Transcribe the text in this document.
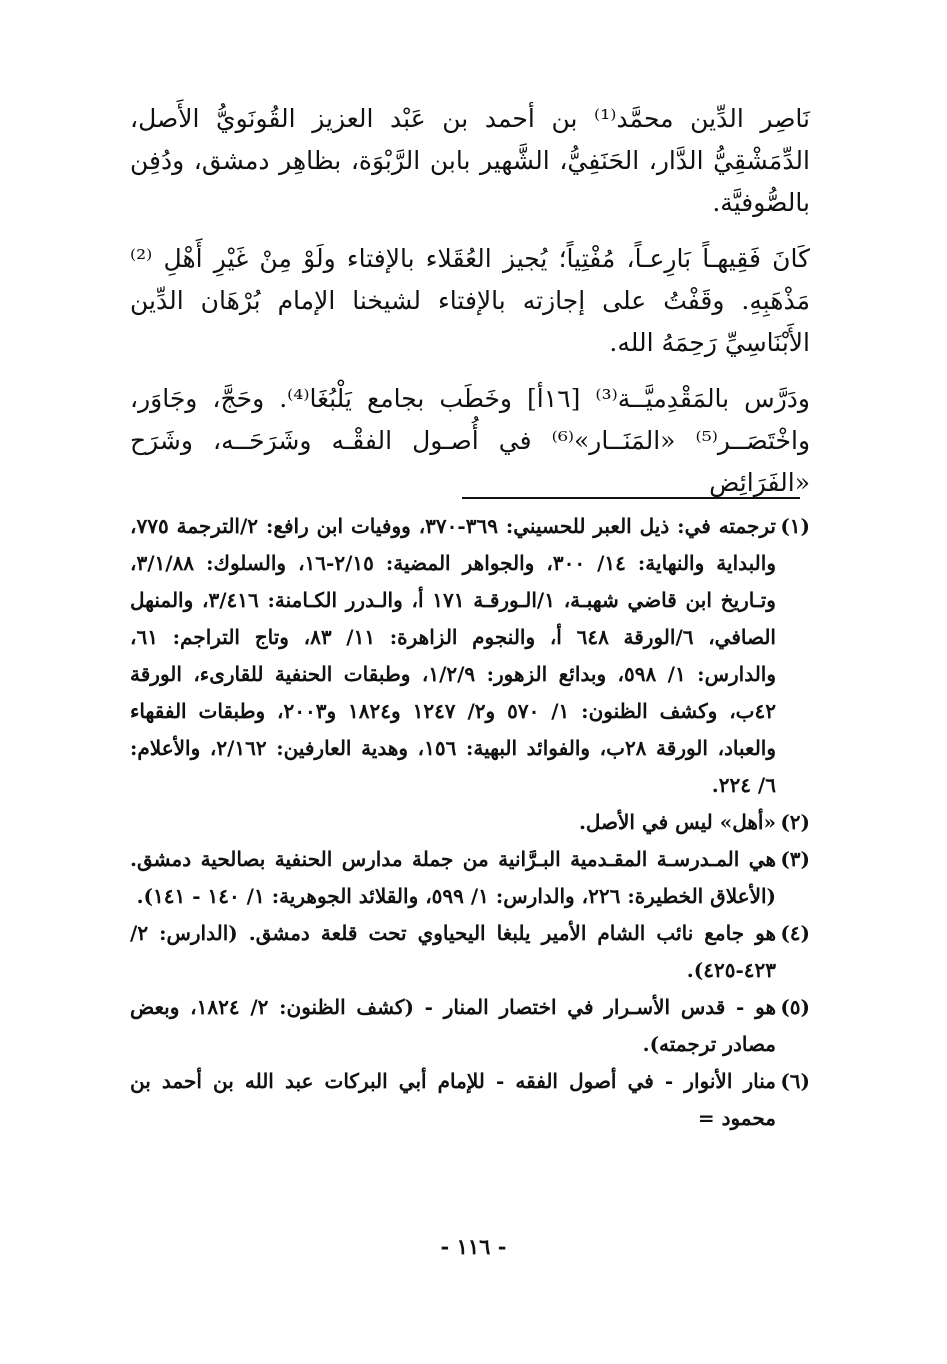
نَاصِر الدِّين محمَّد⁽¹⁾ بن أحمد بن عَبْد العزيز القُونَويُّ الأَصل، الدِّمَشْقِيُّ الدَّار، الحَنَفِيُّ، الشَّهير بابن الرَّبْوَة، بظاهِر دمشق، ودُفِن بالصُّوفيَّة.

كَانَ فَقِيهـاً بَارِعـاً، مُفْتِياً؛ يُجيز العُقَلاء بالإفتاء ولَوْ مِنْ غَيْرِ أَهْلِ ⁽²⁾ مَذْهَبِهِ. وقَفْتُ على إجازته بالإفتاء لشيخنا الإمام بُرْهَان الدِّين الأَبْنَاسِيِّ رَحِمَهُ الله.

ودَرَّس بالمَقْدِميَّــة⁽³⁾ [١٦أ] وخَطَب بجامع يَلْبُغَا⁽⁴⁾. وحَجَّ، وجَاوَر، واخْتَصَــر⁽⁵⁾ «المَنَــار»⁽⁶⁾ في أُصـول الفقْـه وشَرَحَــه، وشَرَح «الفَرَائِض

(١)
ترجمته في: ذيل العبر للحسيني: ٣٦٩-٣٧٠، ووفيات ابن رافع: ٢/الترجمة ٧٧٥، والبداية والنهاية: ١٤/ ٣٠٠، والجواهر المضية: ٢/١٥-١٦، والسلوك: ٣/١/٨٨، وتـاريخ ابن قاضي شهبـة، ١/الـورقـة ١٧١ أ، والـدرر الكـامنة: ٣/٤١٦، والمنهل الصافي، ٦/الورقة ٦٤٨ أ، والنجوم الزاهرة: ١١/ ٨٣، وتاج التراجم: ٦١، والدارس: ١/ ٥٩٨، وبدائع الزهور: ١/٢/٩، وطبقات الحنفية للقارىء، الورقة ٤٢ب، وكشف الظنون: ١/ ٥٧٠ و٢/ ١٢٤٧ و١٨٢٤ و٢٠٠٣، وطبقات الفقهاء والعباد، الورقة ٢٨ب، والفوائد البهية: ١٥٦، وهدية العارفين: ٢/١٦٢، والأعلام: ٦/ ٢٢٤.
(٢)
«أهل» ليس في الأصل.
(٣)
هي المـدرسـة المقـدمية البـرَّانية من جملة مدارس الحنفية بصالحية دمشق. (الأعلاق الخطيرة: ٢٢٦، والدارس: ١/ ٥٩٩، والقلائد الجوهرية: ١/ ١٤٠ - ١٤١).
(٤)
هو جامع نائب الشام الأمير يلبغا اليحياوي تحت قلعة دمشق. (الدارس: ٢/ ٤٢٣-٤٢٥).
(٥)
هو - قدس الأسـرار في اختصار المنار - (كشف الظنون: ٢/ ١٨٢٤، وبعض مصادر ترجمته).
(٦)
منار الأنوار - في أصول الفقه - للإمام أبي البركات عبد الله بن أحمد بن محمود =
- ١١٦ -
